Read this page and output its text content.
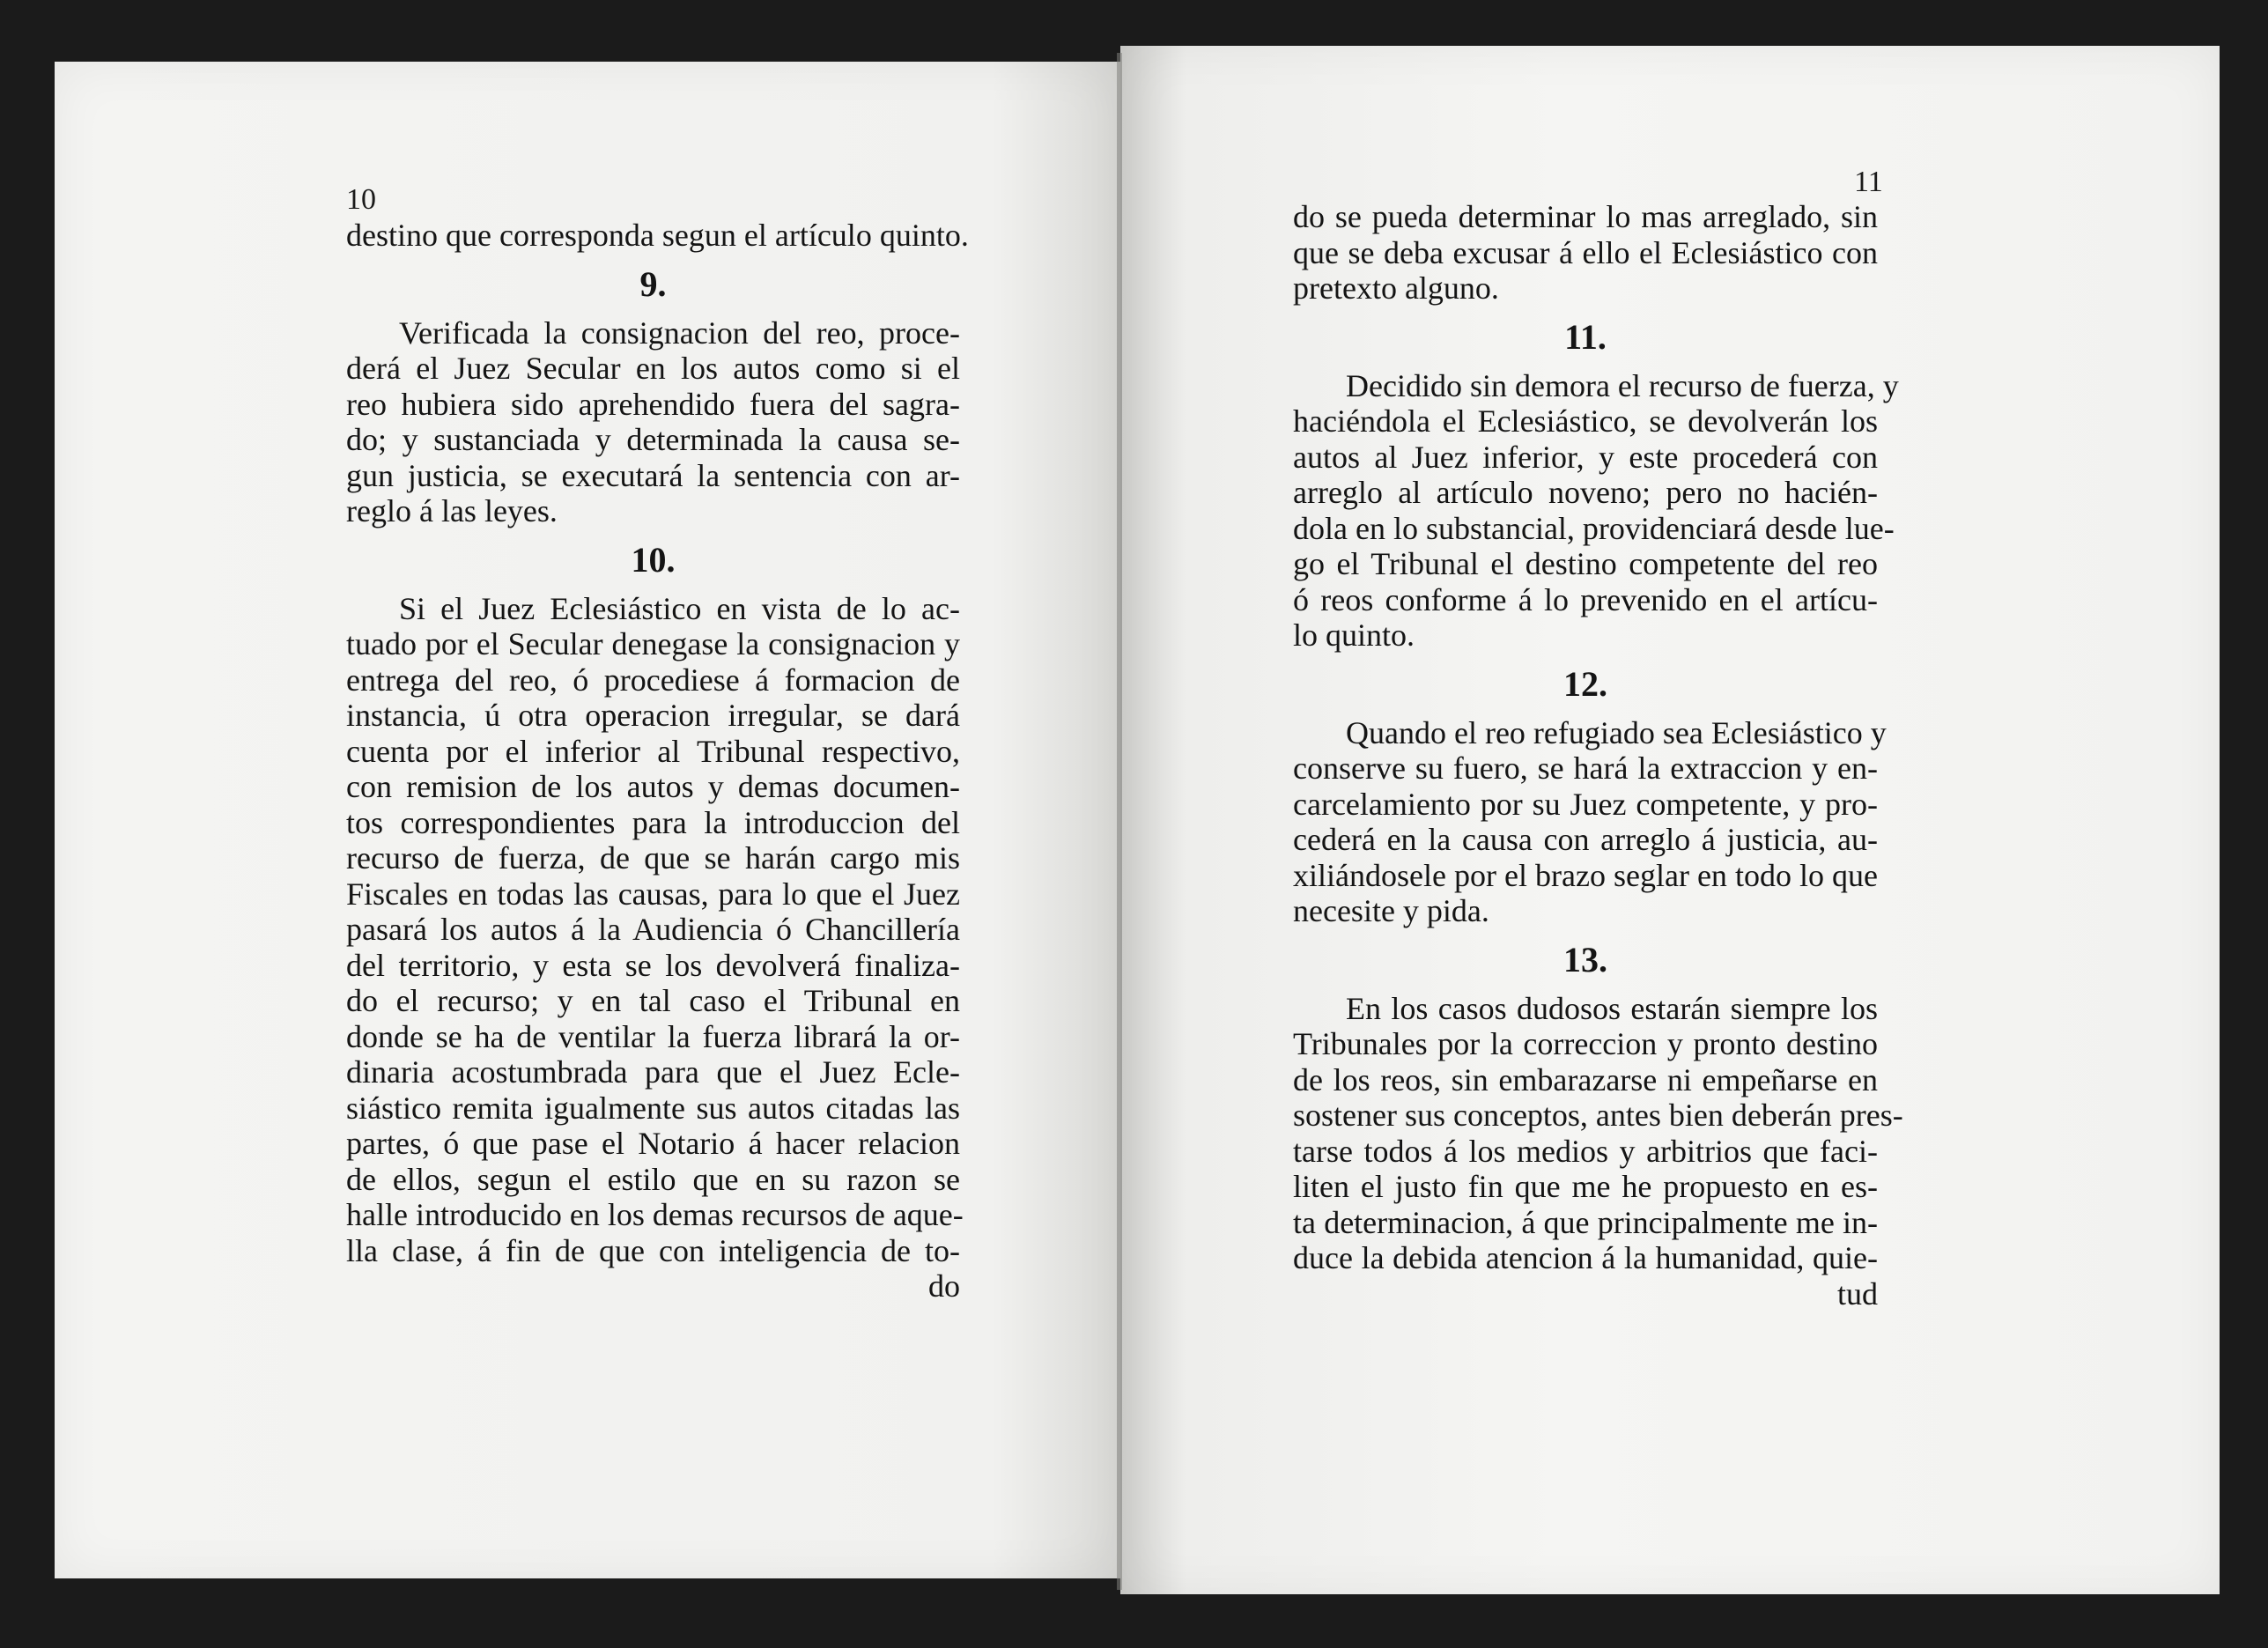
10
11
destino que corresponda segun el artículo quinto.
9.
Verificada la consignacion del reo, proce-
derá el Juez Secular en los autos como si el
reo hubiera sido aprehendido fuera del sagra-
do; y sustanciada y determinada la causa se-
gun justicia, se executará la sentencia con ar-
reglo á las leyes.
10.
Si el Juez Eclesiástico en vista de lo ac-
tuado por el Secular denegase la consignacion y
entrega del reo, ó procediese á formacion de
instancia, ú otra operacion irregular, se dará
cuenta por el inferior al Tribunal respectivo,
con remision de los autos y demas documen-
tos correspondientes para la introduccion del
recurso de fuerza, de que se harán cargo mis
Fiscales en todas las causas, para lo que el Juez
pasará los autos á la Audiencia ó Chancillería
del territorio, y esta se los devolverá finaliza-
do el recurso; y en tal caso el Tribunal en
donde se ha de ventilar la fuerza librará la or-
dinaria acostumbrada para que el Juez Ecle-
siástico remita igualmente sus autos citadas las
partes, ó que pase el Notario á hacer relacion
de ellos, segun el estilo que en su razon se
halle introducido en los demas recursos de aque-
lla clase, á fin de que con inteligencia de to-
do
do se pueda determinar lo mas arreglado, sin
que se deba excusar á ello el Eclesiástico con
pretexto alguno.
11.
Decidido sin demora el recurso de fuerza, y
haciéndola el Eclesiástico, se devolverán los
autos al Juez inferior, y este procederá con
arreglo al artículo noveno; pero no hacién-
dola en lo substancial, providenciará desde lue-
go el Tribunal el destino competente del reo
ó reos conforme á lo prevenido en el artícu-
lo quinto.
12.
Quando el reo refugiado sea Eclesiástico y
conserve su fuero, se hará la extraccion y en-
carcelamiento por su Juez competente, y pro-
cederá en la causa con arreglo á justicia, au-
xiliándosele por el brazo seglar en todo lo que
necesite y pida.
13.
En los casos dudosos estarán siempre los
Tribunales por la correccion y pronto destino
de los reos, sin embarazarse ni empeñarse en
sostener sus conceptos, antes bien deberán pres-
tarse todos á los medios y arbitrios que faci-
liten el justo fin que me he propuesto en es-
ta determinacion, á que principalmente me in-
duce la debida atencion á la humanidad, quie-
tud
